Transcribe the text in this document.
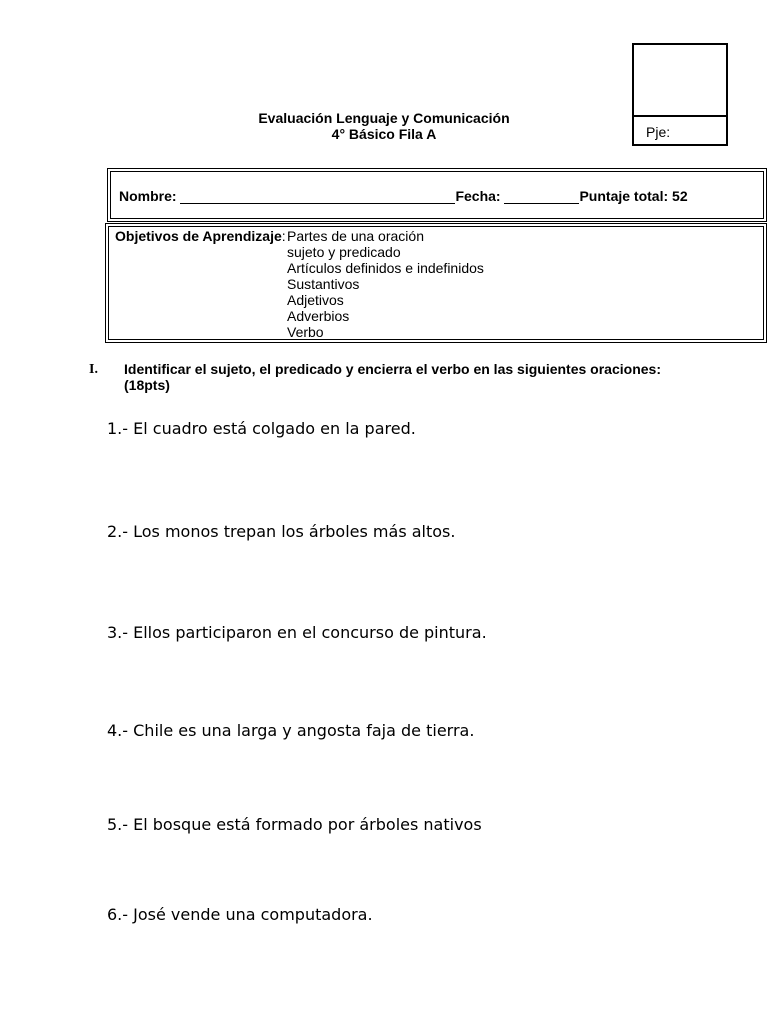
Pje:
Evaluación Lenguaje y Comunicación
4° Básico Fila A
Nombre:	Fecha:	Puntaje total: 52
Objetivos de Aprendizaje: Partes de una oración
sujeto y predicado
Artículos definidos e indefinidos
Sustantivos
Adjetivos
Adverbios
Verbo
I. Identificar el sujeto, el predicado y encierra el verbo en las siguientes oraciones: (18pts)
1.- El cuadro está colgado en la pared.
2.- Los monos trepan los árboles más altos.
3.- Ellos participaron en el concurso de pintura.
4.- Chile es una larga y angosta faja de tierra.
5.- El bosque está formado por árboles nativos
6.- José vende una computadora.
